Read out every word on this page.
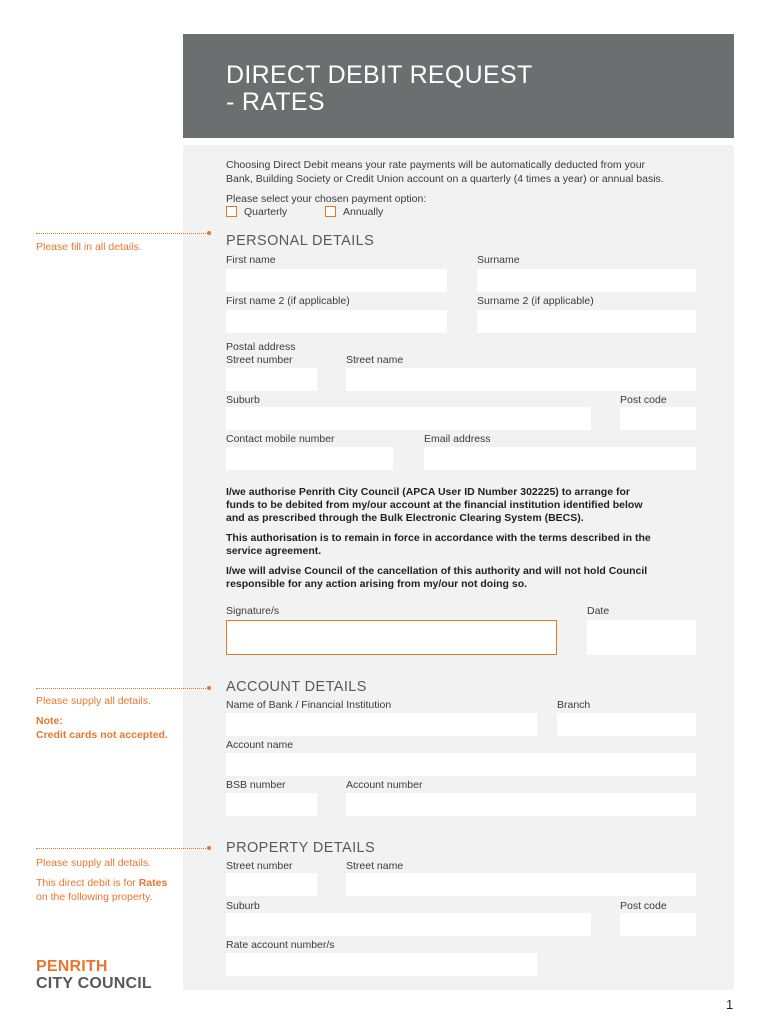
DIRECT DEBIT REQUEST
- RATES
Choosing Direct Debit means your rate payments will be automatically deducted from your
Bank, Building Society or Credit Union account on a quarterly (4 times a year) or annual basis.
Please select your chosen payment option:
Quarterly	Annually
PERSONAL DETAILS
First name	Surname
First name 2 (if applicable)	Surname 2 (if applicable)
Postal address
Street number	Street name
Suburb	Post code
Contact mobile number	Email address
I/we authorise Penrith City Council (APCA User ID Number 302225) to arrange for
funds to be debited from my/our account at the financial institution identified below
and as prescribed through the Bulk Electronic Clearing System (BECS).
This authorisation is to remain in force in accordance with the terms described in the
service agreement.
I/we will advise Council of the cancellation of this authority and will not hold Council
responsible for any action arising from my/our not doing so.
Signature/s	Date
ACCOUNT DETAILS
Name of Bank / Financial Institution	Branch
Account name
BSB number	Account number
PROPERTY DETAILS
Street number	Street name
Suburb	Post code
Rate account number/s
Please fill in all details.
Please supply all details.
Note:
Credit cards not accepted.
Please supply all details.
This direct debit is for Rates
on the following property.
PENRITH
CITY COUNCIL
1
